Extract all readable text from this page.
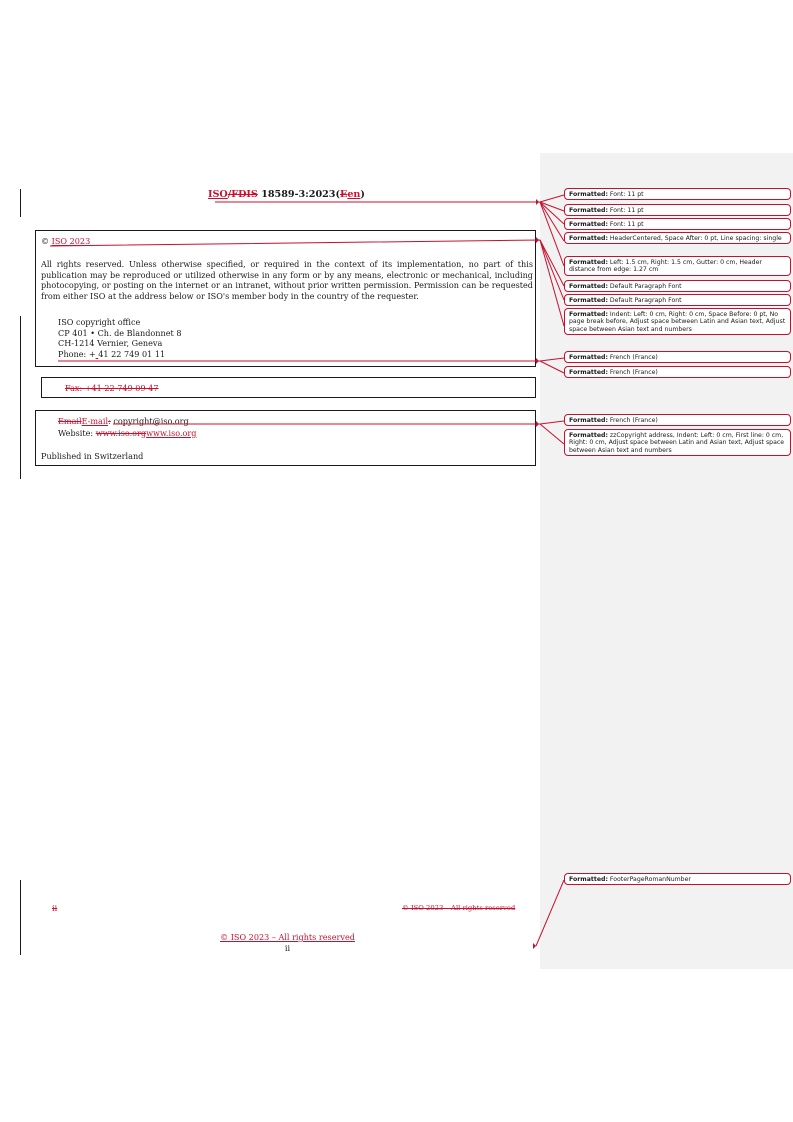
ISO/FDIS 18589-3:2023(Een)
© ISO 2023
All rights reserved. Unless otherwise specified, or required in the context of its implementation, no part of this publication may be reproduced or utilized otherwise in any form or by any means, electronic or mechanical, including photocopying, or posting on the internet or an intranet, without prior written permission. Permission can be requested from either ISO at the address below or ISO's member body in the country of the requester.
ISO copyright office
CP 401 • Ch. de Blandonnet 8
CH-1214 Vernier, Geneva
Phone: + 41 22 749 01 11
Fax: +41 22 749 09 47
EmailE-mail: copyright@iso.org
Website: www.iso.orgwww.iso.org
Published in Switzerland
ii	© ISO 2023 – All rights reserved
© ISO 2023 – All rights reserved
ii
Formatted: Font: 11 pt
Formatted: Font: 11 pt
Formatted: Font: 11 pt
Formatted: HeaderCentered, Space After: 0 pt, Line spacing: single
Formatted: Left: 1.5 cm, Right: 1.5 cm, Gutter: 0 cm, Header distance from edge: 1.27 cm
Formatted: Default Paragraph Font
Formatted: Default Paragraph Font
Formatted: Indent: Left: 0 cm, Right: 0 cm, Space Before: 0 pt, No page break before, Adjust space between Latin and Asian text, Adjust space between Asian text and numbers
Formatted: French (France)
Formatted: French (France)
Formatted: French (France)
Formatted: zzCopyright address, Indent: Left: 0 cm, First line: 0 cm, Right: 0 cm, Adjust space between Latin and Asian text, Adjust space between Asian text and numbers
Formatted: FooterPageRomanNumber
